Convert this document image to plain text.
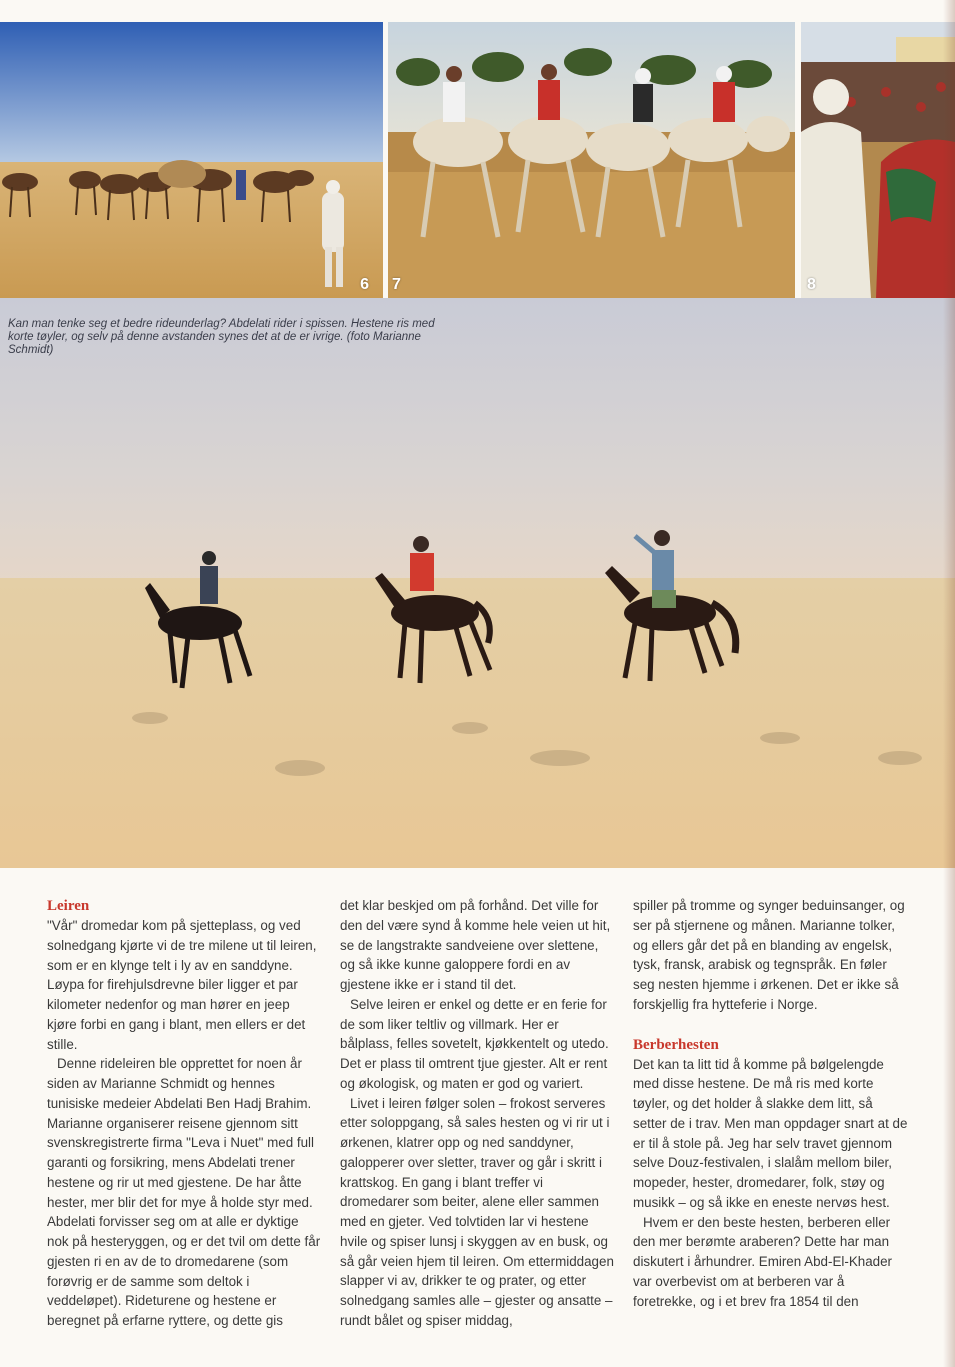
6 7	8
Kan man tenke seg et bedre rideunderlag? Abdelati rider i spissen. Hestene ris med korte tøyler, og selv på denne avstanden synes det at de er ivrige. (foto Marianne Schmidt)
Leiren

"Vår" dromedar kom på sjetteplass, og ved solnedgang kjørte vi de tre milene ut til leiren, som er en klynge telt i ly av en sanddyne. Løypa for firehjulsdrevne biler ligger et par kilometer nedenfor og man hører en jeep kjøre forbi en gang i blant, men ellers er det stille.

Denne rideleiren ble opprettet for noen år siden av Marianne Schmidt og hennes tunisiske medeier Abdelati Ben Hadj Brahim. Marianne organiserer reisene gjennom sitt svenskregistrerte firma "Leva i Nuet" med full garanti og forsikring, mens Abdelati trener hestene og rir ut med gjestene. De har åtte hester, mer blir det for mye å holde styr med. Abdelati forvisser seg om at alle er dyktige nok på hesteryggen, og er det tvil om dette får gjesten ri en av de to dromedarene (som forøvrig er de samme som deltok i veddeløpet). Rideturene og hestene er beregnet på erfarne ryttere, og dette gis

det klar beskjed om på forhånd. Det ville for den del være synd å komme hele veien ut hit, se de langstrakte sandveiene over slettene, og så ikke kunne galoppere fordi en av gjestene ikke er i stand til det.

Selve leiren er enkel og dette er en ferie for de som liker teltliv og villmark. Her er bålplass, felles sovetelt, kjøkkentelt og utedo. Det er plass til omtrent tjue gjester. Alt er rent og økologisk, og maten er god og variert.

Livet i leiren følger solen – frokost serveres etter soloppgang, så sales hesten og vi rir ut i ørkenen, klatrer opp og ned sanddyner, galopperer over sletter, traver og går i skritt i krattskog. En gang i blant treffer vi dromedarer som beiter, alene eller sammen med en gjeter. Ved tolvtiden lar vi hestene hvile og spiser lunsj i skyggen av en busk, og så går veien hjem til leiren. Om ettermiddagen slapper vi av, drikker te og prater, og etter solnedgang samles alle – gjester og ansatte – rundt bålet og spiser middag,

spiller på tromme og synger beduinsanger, og ser på stjernene og månen. Marianne tolker, og ellers går det på en blanding av engelsk, tysk, fransk, arabisk og tegnspråk. En føler seg nesten hjemme i ørkenen. Det er ikke så forskjellig fra hytteferie i Norge.

Berberhesten

Det kan ta litt tid å komme på bølgelengde med disse hestene. De må ris med korte tøyler, og det holder å slakke dem litt, så setter de i trav. Men man oppdager snart at de er til å stole på. Jeg har selv travet gjennom selve Douz-festivalen, i slalåm mellom biler, mopeder, hester, dromedarer, folk, støy og musikk – og så ikke en eneste nervøs hest.

Hvem er den beste hesten, berberen eller den mer berømte araberen? Dette har man diskutert i århundrer. Emiren Abd-El-Khader var overbevist om at berberen var å foretrekke, og i et brev fra 1854 til den
